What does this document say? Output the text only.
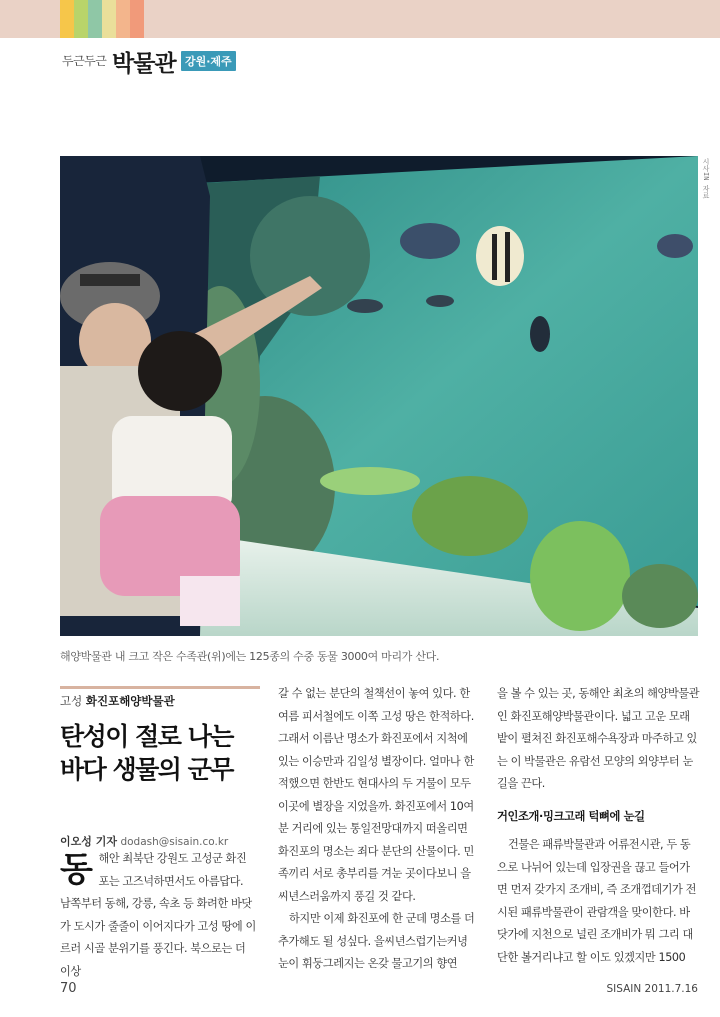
두근두근 박물관 강원·제주
시사IN 자료
해양박물관 내 크고 작은 수족관(위)에는 125종의 수중 동물 3000여 마리가 산다.
고성 화진포해양박물관
탄성이 절로 나는
바다 생물의 군무
이오성 기자 dodash@sisain.co.kr
동 해안 최북단 강원도 고성군 화진포는 고즈넉하면서도 아름답다. 남쪽부터 동해, 강릉, 속초 등 화려한 바닷가 도시가 줄줄이 이어지다가 고성 땅에 이르러 시골 분위기를 풍긴다. 북으로는 더 이상

갈 수 없는 분단의 철책선이 놓여 있다. 한여름 피서철에도 이쪽 고성 땅은 한적하다. 그래서 이름난 명소가 화진포에서 지척에 있는 이승만과 김일성 별장이다. 얼마나 한적했으면 한반도 현대사의 두 거물이 모두 이곳에 별장을 지었을까. 화진포에서 10여 분 거리에 있는 통일전망대까지 떠올리면 화진포의 명소는 죄다 분단의 산물이다. 민족끼리 서로 총부리를 겨눈 곳이다보니 을씨년스러움까지 풍길 것 같다.

하지만 이제 화진포에 한 군데 명소를 더 추가해도 될 성싶다. 을씨년스럽기는커녕 눈이 휘둥그레지는 온갖 물고기의 향연

을 볼 수 있는 곳, 동해안 최초의 해양박물관인 화진포해양박물관이다. 넓고 고운 모래밭이 펼쳐진 화진포해수욕장과 마주하고 있는 이 박물관은 유람선 모양의 외양부터 눈길을 끈다.

거인조개·밍크고래 턱뼈에 눈길

건물은 패류박물관과 어류전시관, 두 동으로 나뉘어 있는데 입장권을 끊고 들어가면 먼저 갖가지 조개비, 즉 조개껍데기가 전시된 패류박물관이 관람객을 맞이한다. 바닷가에 지천으로 널린 조개비가 뭐 그리 대단한 볼거리냐고 할 이도 있겠지만 1500

70	SISAIN 2011.7.16
